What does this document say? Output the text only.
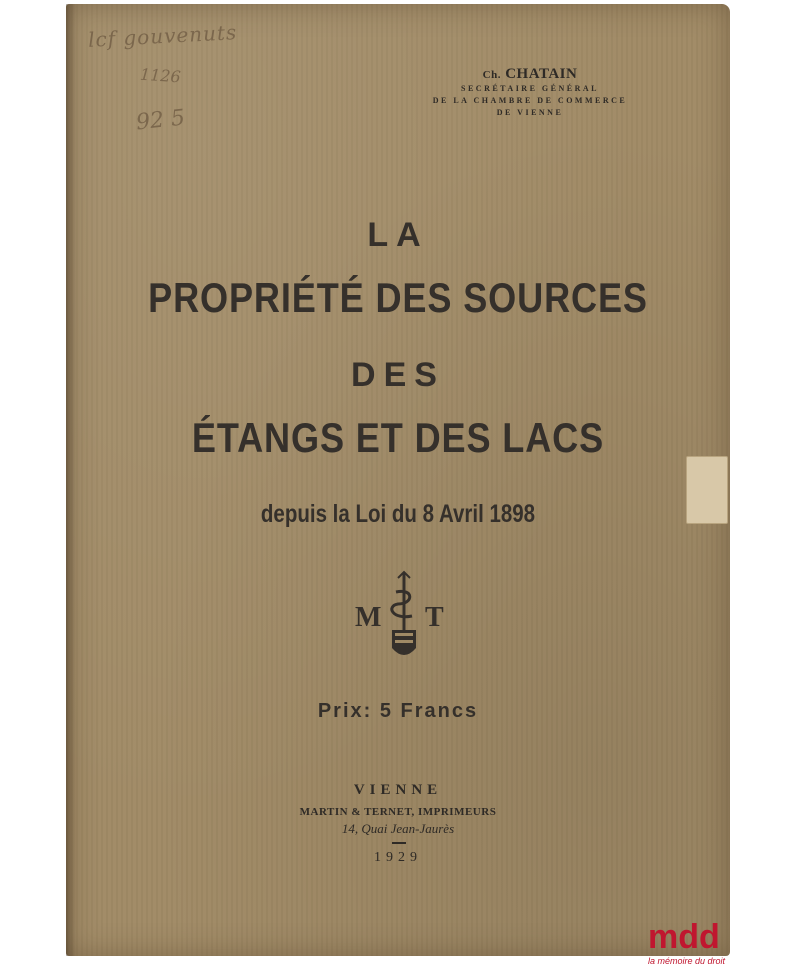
lcf gouvenuts
1126
92 5
Ch. CHATAIN
SECRÉTAIRE GÉNÉRAL
DE LA CHAMBRE DE COMMERCE
DE VIENNE
LA
PROPRIÉTÉ DES SOURCES
DES
ÉTANGS ET DES LACS
depuis la Loi du 8 Avril 1898
M T
Prix: 5 Francs
VIENNE
MARTIN & TERNET, IMPRIMEURS
14, Quai Jean-Jaurès
1929
mdd
la mémoire du droit
